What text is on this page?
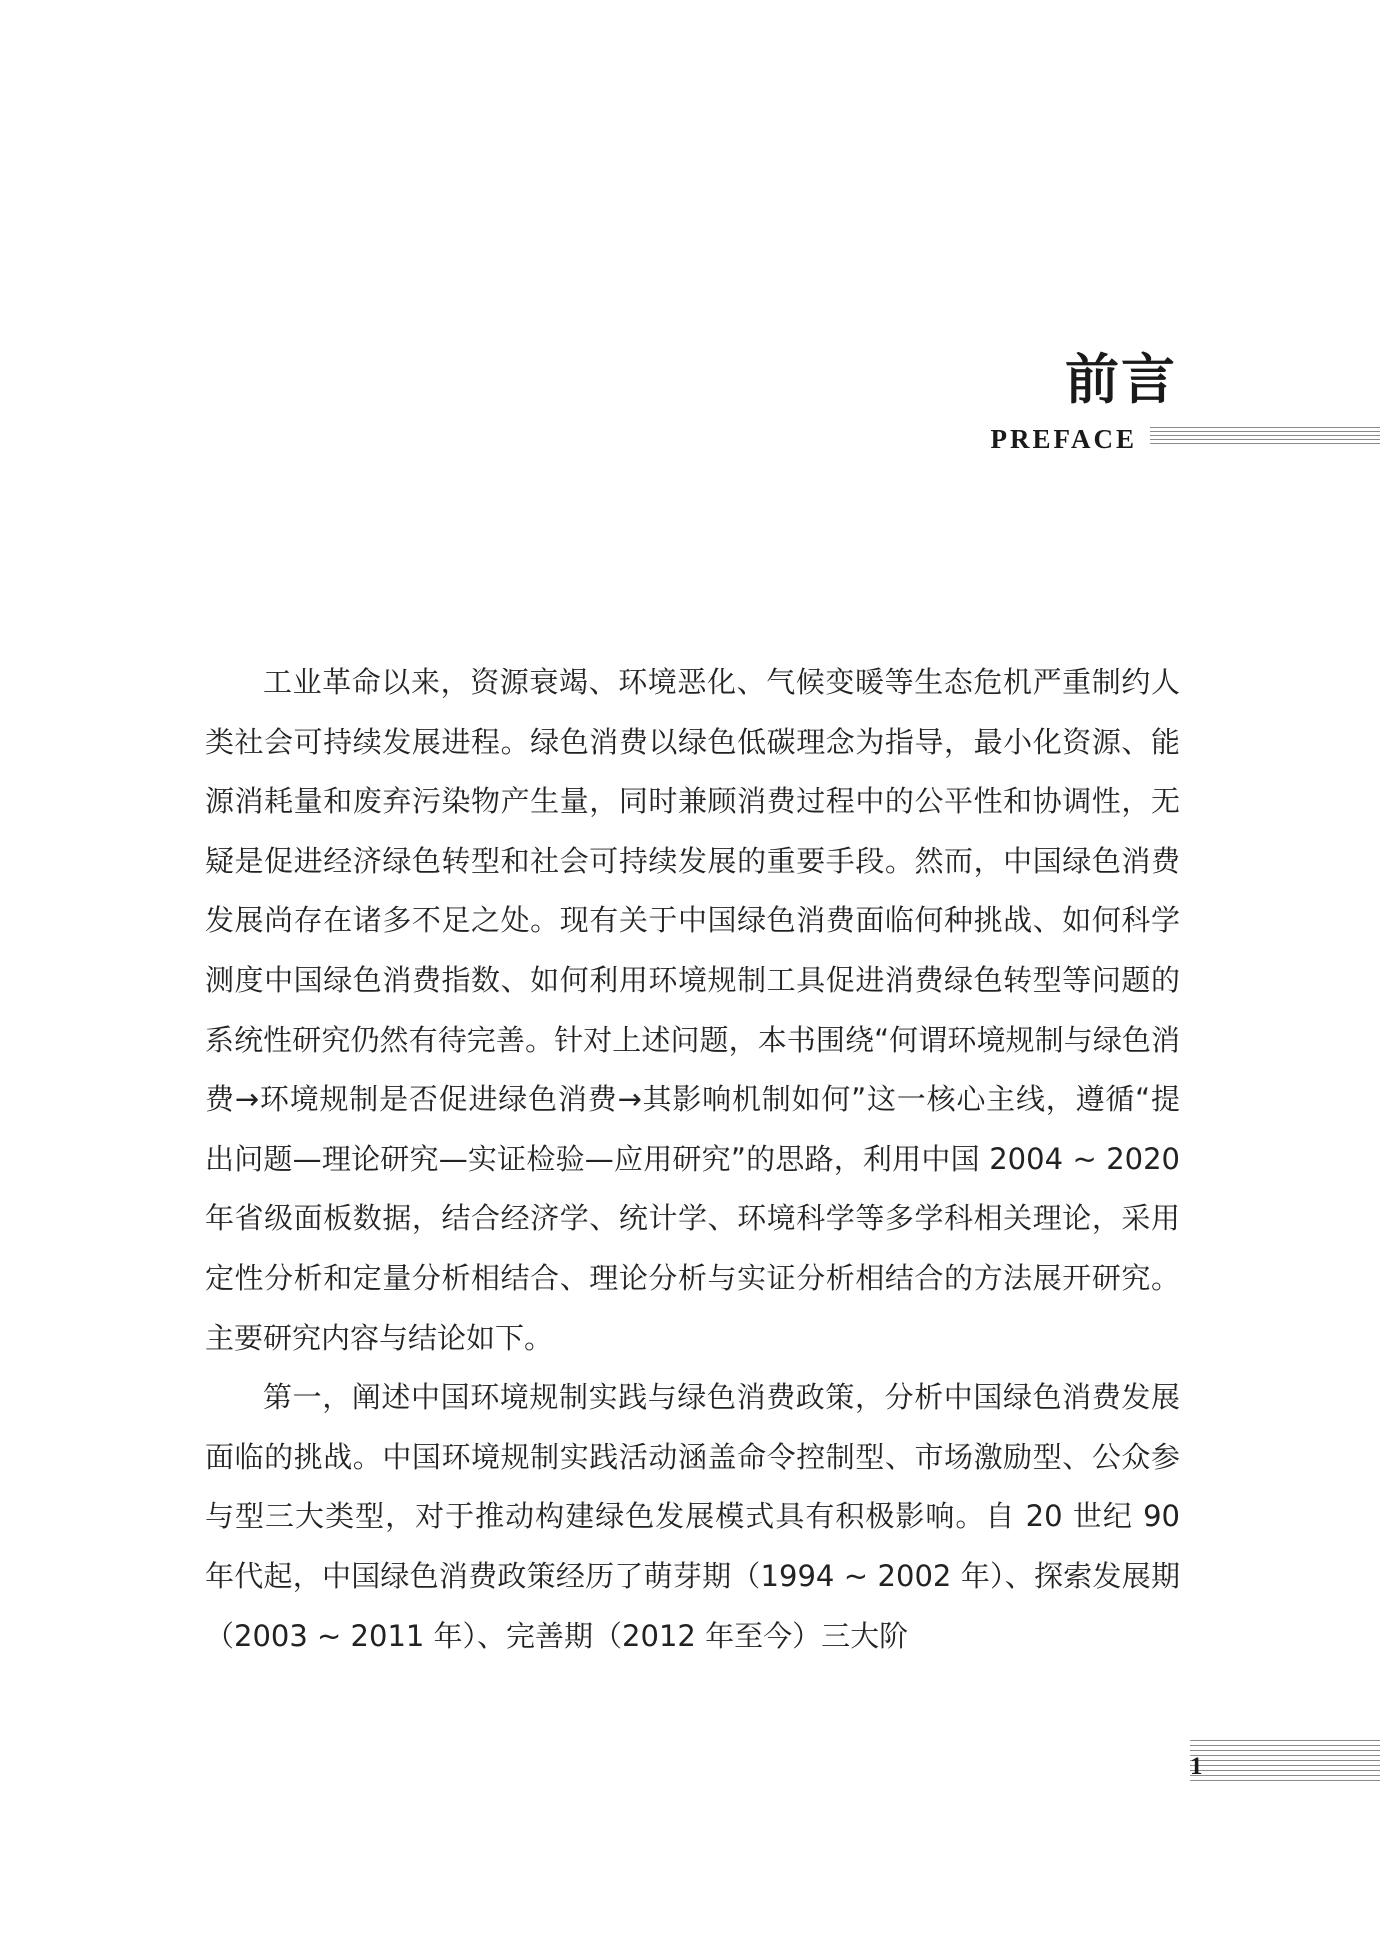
前言
PREFACE

工业革命以来，资源衰竭、环境恶化、气候变暖等生态危机严重制约人类社会可持续发展进程。绿色消费以绿色低碳理念为指导，最小化资源、能源消耗量和废弃污染物产生量，同时兼顾消费过程中的公平性和协调性，无疑是促进经济绿色转型和社会可持续发展的重要手段。然而，中国绿色消费发展尚存在诸多不足之处。现有关于中国绿色消费面临何种挑战、如何科学测度中国绿色消费指数、如何利用环境规制工具促进消费绿色转型等问题的系统性研究仍然有待完善。针对上述问题，本书围绕“何谓环境规制与绿色消费→环境规制是否促进绿色消费→其影响机制如何”这一核心主线，遵循“提出问题—理论研究—实证检验—应用研究”的思路，利用中国 2004 ~ 2020 年省级面板数据，结合经济学、统计学、环境科学等多学科相关理论，采用定性分析和定量分析相结合、理论分析与实证分析相结合的方法展开研究。主要研究内容与结论如下。

第一，阐述中国环境规制实践与绿色消费政策，分析中国绿色消费发展面临的挑战。中国环境规制实践活动涵盖命令控制型、市场激励型、公众参与型三大类型，对于推动构建绿色发展模式具有积极影响。自 20 世纪 90 年代起，中国绿色消费政策经历了萌芽期（1994 ~ 2002 年）、探索发展期（2003 ~ 2011 年）、完善期（2012 年至今）三大阶

1
